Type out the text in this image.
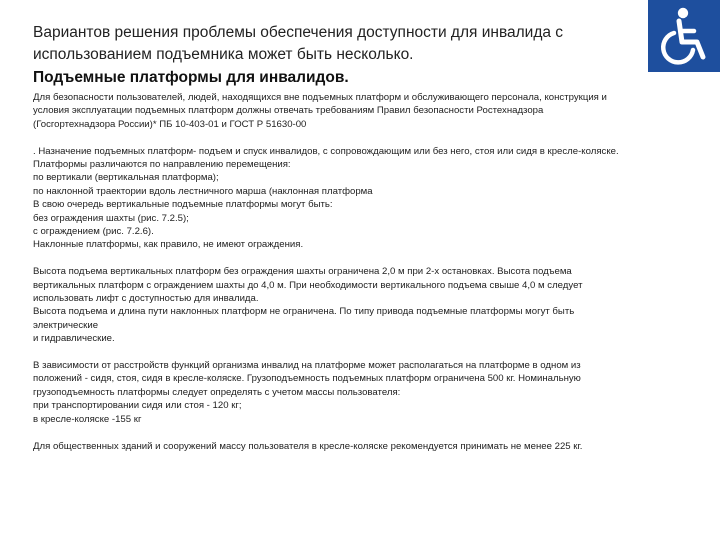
Вариантов решения проблемы обеспечения доступности для инвалида с
использованием подъемника может быть несколько.
Подъемные платформы для инвалидов.

Для безопасности пользователей, людей, находящихся вне подъемных платформ и обслуживающего персонала, конструкция и
условия эксплуатации подъемных платформ должны отвечать требованиям Правил безопасности Ростехнадзора
(Госгортехнадзора России)* ПБ 10-403-01 и ГОСТ Р 51630-00

. Назначение подъемных платформ- подъем и спуск инвалидов, с сопровождающим или без него, стоя или сидя в кресле-коляске.
Платформы различаются по направлению перемещения:
по вертикали (вертикальная платформа);
по наклонной траектории вдоль лестничного марша (наклонная платформа
В свою очередь вертикальные подъемные платформы могут быть:
без ограждения шахты (рис. 7.2.5);
с ограждением (рис. 7.2.6).
Наклонные платформы, как правило, не имеют ограждения.

Высота подъема вертикальных платформ без ограждения шахты ограничена 2,0 м при 2-х остановках. Высота подъема
вертикальных платформ с ограждением шахты до 4,0 м. При необходимости вертикального подъема свыше 4,0 м следует
использовать лифт с доступностью для инвалида.
Высота подъема и длина пути наклонных платформ не ограничена. По типу привода подъемные платформы могут быть
электрические
и гидравлические.

В зависимости от расстройств функций организма инвалид на платформе может располагаться на платформе в одном из
положений - сидя, стоя, сидя в кресле-коляске. Грузоподъемность подъемных платформ ограничена 500 кг. Номинальную
грузоподъемность платформы следует определять с учетом массы пользователя:
при транспортировании сидя или стоя - 120 кг;
в кресле-коляске -155 кг

Для общественных зданий и сооружений массу пользователя в кресле-коляске рекомендуется принимать не менее 225 кг.
